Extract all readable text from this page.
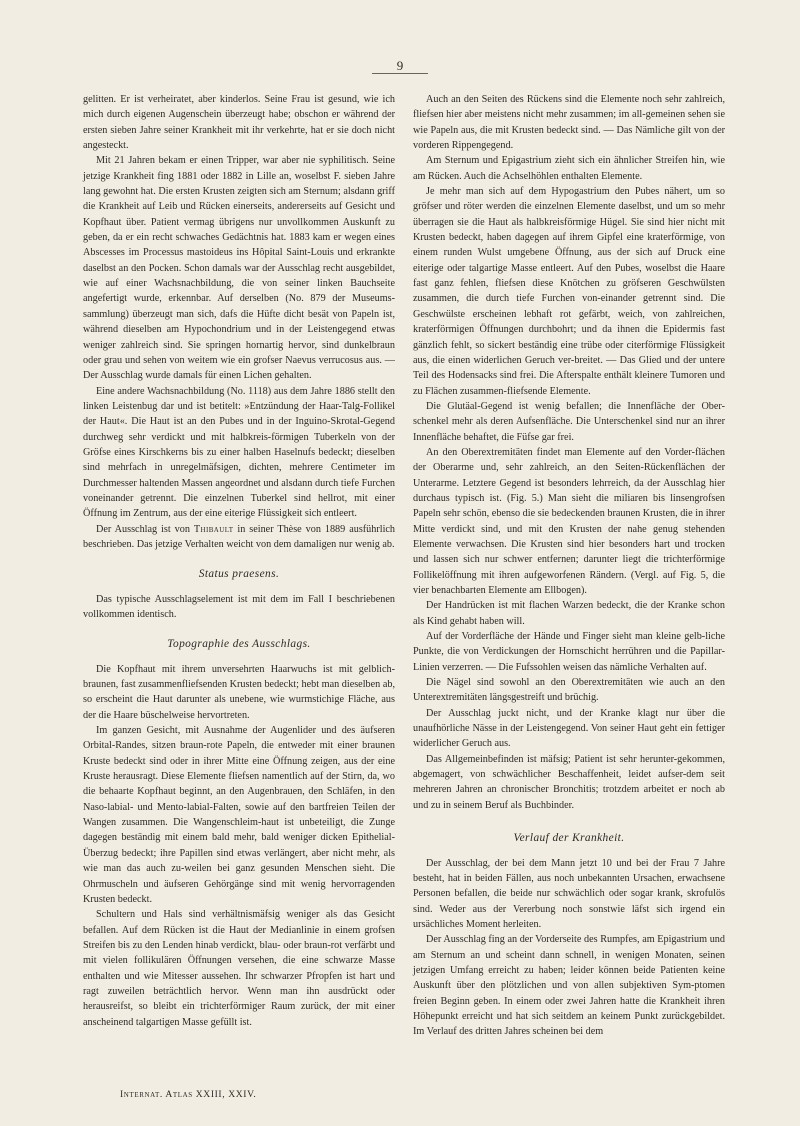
9

gelitten. Er ist verheiratet, aber kinderlos. Seine Frau ist gesund, wie ich mich durch eigenen Augenschein überzeugt habe; obschon er während der ersten sieben Jahre seiner Krankheit mit ihr verkehrte, hat er sie doch nicht angesteckt.

Mit 21 Jahren bekam er einen Tripper, war aber nie syphilitisch. Seine jetzige Krankheit fing 1881 oder 1882 in Lille an, woselbst F. sieben Jahre lang gewohnt hat. Die ersten Krusten zeigten sich am Sternum; alsdann griff die Krankheit auf Leib und Rücken einerseits, andererseits auf Gesicht und Kopfhaut über. Patient vermag übrigens nur unvollkommen Auskunft zu geben, da er ein recht schwaches Gedächtnis hat. 1883 kam er wegen eines Abscesses im Processus mastoideus ins Hôpital Saint-Louis und erkrankte daselbst an den Pocken. Schon damals war der Ausschlag recht ausgebildet, wie auf einer Wachsnachbildung, die von seiner linken Bauchseite angefertigt wurde, erkennbar. Auf derselben (No. 879 der Museums-sammlung) überzeugt man sich, dafs die Hüfte dicht besät von Papeln ist, während dieselben am Hypochondrium und in der Leistengegend etwas weniger zahlreich sind. Sie springen hornartig hervor, sind dunkelbraun oder grau und sehen von weitem wie ein grofser Naevus verrucosus aus. — Der Ausschlag wurde damals für einen Lichen gehalten.

Eine andere Wachsnachbildung (No. 1118) aus dem Jahre 1886 stellt den linken Leistenbug dar und ist betitelt: »Entzündung der Haar-Talg-Follikel der Haut«. Die Haut ist an den Pubes und in der Inguino-Skrotal-Gegend durchweg sehr verdickt und mit halbkreis-förmigen Tuberkeln von der Gröfse eines Kirschkerns bis zu einer halben Haselnufs bedeckt; dieselben sind mehrfach in unregelmäfsigen, dichten, mehrere Centimeter im Durchmesser haltenden Massen angeordnet und alsdann durch tiefe Furchen voneinander getrennt. Die einzelnen Tuberkel sind hellrot, mit einer Öffnung im Zentrum, aus der eine eiterige Flüssigkeit sich entleert.

Der Ausschlag ist von Thibault in seiner Thèse von 1889 ausführlich beschrieben. Das jetzige Verhalten weicht von dem damaligen nur wenig ab.

Status praesens.

Das typische Ausschlagselement ist mit dem im Fall I beschriebenen vollkommen identisch.

Topographie des Ausschlags.

Die Kopfhaut mit ihrem unversehrten Haarwuchs ist mit gelblich-braunen, fast zusammenfliefsenden Krusten bedeckt; hebt man dieselben ab, so erscheint die Haut darunter als unebene, wie wurmstichige Fläche, aus der die Haare büschelweise hervortreten.

Im ganzen Gesicht, mit Ausnahme der Augenlider und des äufseren Orbital-Randes, sitzen braun-rote Papeln, die entweder mit einer braunen Kruste bedeckt sind oder in ihrer Mitte eine Öffnung zeigen, aus der eine Kruste herausragt. Diese Elemente fliefsen namentlich auf der Stirn, da, wo die behaarte Kopfhaut beginnt, an den Augenbrauen, den Schläfen, in den Naso-labial- und Mento-labial-Falten, sowie auf den bartfreien Teilen der Wangen zusammen. Die Wangenschleim-haut ist unbeteiligt, die Zunge dagegen beständig mit einem bald mehr, bald weniger dicken Epithelial-Überzug bedeckt; ihre Papillen sind etwas verlängert, aber nicht mehr, als wie man das auch zu-weilen bei ganz gesunden Menschen sieht. Die Ohrmuscheln und äufseren Gehörgänge sind mit wenig hervorragenden Krusten bedeckt.

Schultern und Hals sind verhältnismäfsig weniger als das Gesicht befallen. Auf dem Rücken ist die Haut der Medianlinie in einem grofsen Streifen bis zu den Lenden hinab verdickt, blau- oder braun-rot verfärbt und mit vielen follikulären Öffnungen versehen, die eine schwarze Masse enthalten und wie Mitesser aussehen. Ihr schwarzer Pfropfen ist hart und ragt zuweilen beträchtlich hervor. Wenn man ihn ausdrückt oder herausreifst, so bleibt ein trichterförmiger Raum zurück, der mit einer anscheinend talgartigen Masse gefüllt ist.

Auch an den Seiten des Rückens sind die Elemente noch sehr zahlreich, fliefsen hier aber meistens nicht mehr zusammen; im all-gemeinen sehen sie wie Papeln aus, die mit Krusten bedeckt sind. — Das Nämliche gilt von der vorderen Rippengegend.

Am Sternum und Epigastrium zieht sich ein ähnlicher Streifen hin, wie am Rücken. Auch die Achselhöhlen enthalten Elemente.

Je mehr man sich auf dem Hypogastrium den Pubes nähert, um so gröfser und röter werden die einzelnen Elemente daselbst, und um so mehr überragen sie die Haut als halbkreisförmige Hügel. Sie sind hier nicht mit Krusten bedeckt, haben dagegen auf ihrem Gipfel eine kraterförmige, von einem runden Wulst umgebene Öffnung, aus der sich auf Druck eine eiterige oder talgartige Masse entleert. Auf den Pubes, woselbst die Haare fast ganz fehlen, fliefsen diese Knötchen zu gröfseren Geschwülsten zusammen, die durch tiefe Furchen von-einander getrennt sind. Die Geschwülste erscheinen lebhaft rot gefärbt, weich, von zahlreichen, kraterförmigen Öffnungen durchbohrt; und da ihnen die Epidermis fast gänzlich fehlt, so sickert beständig eine trübe oder citerförmige Flüssigkeit aus, die einen widerlichen Geruch ver-breitet. — Das Glied und der untere Teil des Hodensacks sind frei. Die Afterspalte enthält kleinere Tumoren und zu Flächen zusammen-fliefsende Elemente.

Die Glutäal-Gegend ist wenig befallen; die Innenfläche der Ober-schenkel mehr als deren Aufsenfläche. Die Unterschenkel sind nur an ihrer Innenfläche behaftet, die Füfse gar frei.

An den Oberextremitäten findet man Elemente auf den Vorder-flächen der Oberarme und, sehr zahlreich, an den Seiten-Rückenflächen der Unterarme. Letztere Gegend ist besonders lehrreich, da der Ausschlag hier durchaus typisch ist. (Fig. 5.) Man sieht die miliaren bis linsengrofsen Papeln sehr schön, ebenso die sie bedeckenden braunen Krusten, die in ihrer Mitte verdickt sind, und mit den Krusten der nahe genug stehenden Elemente verwachsen. Die Krusten sind hier besonders hart und trocken und lassen sich nur schwer entfernen; darunter liegt die trichterförmige Follikelöffnung mit ihren aufgeworfenen Rändern. (Vergl. auf Fig. 5, die vier benachbarten Elemente am Ellbogen).

Der Handrücken ist mit flachen Warzen bedeckt, die der Kranke schon als Kind gehabt haben will.

Auf der Vorderfläche der Hände und Finger sieht man kleine gelb-liche Punkte, die von Verdickungen der Hornschicht herrühren und die Papillar-Linien verzerren. — Die Fufssohlen weisen das nämliche Verhalten auf.

Die Nägel sind sowohl an den Oberextremitäten wie auch an den Unterextremitäten längsgestreift und brüchig.

Der Ausschlag juckt nicht, und der Kranke klagt nur über die unaufhörliche Nässe in der Leistengegend. Von seiner Haut geht ein fettiger widerlicher Geruch aus.

Das Allgemeinbefinden ist mäfsig; Patient ist sehr herunter-gekommen, abgemagert, von schwächlicher Beschaffenheit, leidet aufser-dem seit mehreren Jahren an chronischer Bronchitis; trotzdem arbeitet er noch ab und zu in seinem Beruf als Buchbinder.

Verlauf der Krankheit.

Der Ausschlag, der bei dem Mann jetzt 10 und bei der Frau 7 Jahre besteht, hat in beiden Fällen, aus noch unbekannten Ursachen, erwachsene Personen befallen, die beide nur schwächlich oder sogar krank, skrofulös sind. Weder aus der Vererbung noch sonstwie läfst sich irgend ein ursächliches Moment herleiten.

Der Ausschlag fing an der Vorderseite des Rumpfes, am Epigastrium und am Sternum an und scheint dann schnell, in wenigen Monaten, seinen jetzigen Umfang erreicht zu haben; leider können beide Patienten keine Auskunft über den plötzlichen und von allen subjektiven Sym-ptomen freien Beginn geben. In einem oder zwei Jahren hatte die Krankheit ihren Höhepunkt erreicht und hat sich seitdem an keinem Punkt zurückgebildet. Im Verlauf des dritten Jahres scheinen bei dem

Internat. Atlas XXIII, XXIV.
